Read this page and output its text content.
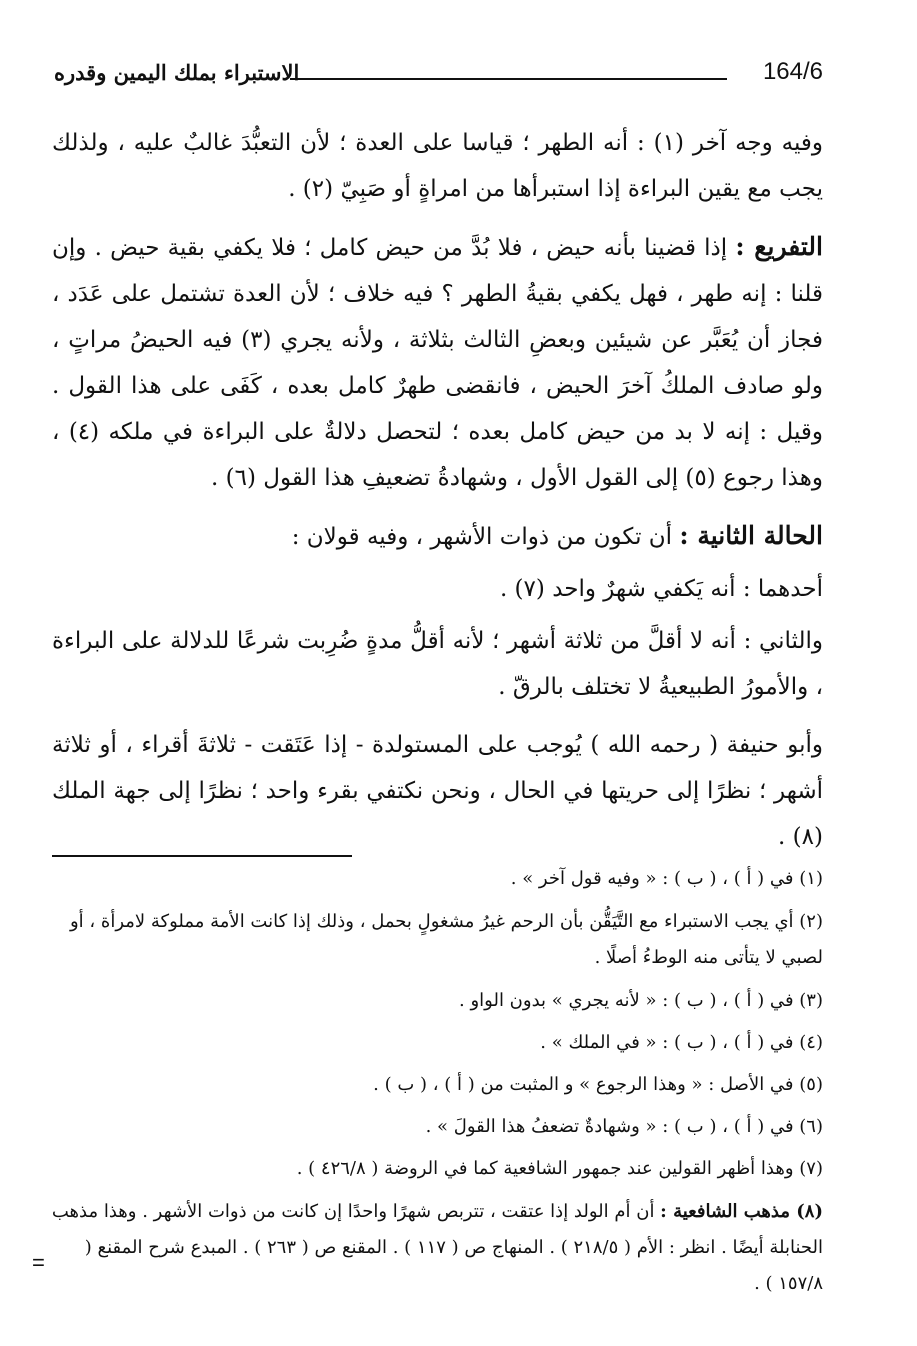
الاستبراء بملك اليمين وقدره	164/6

وفيه وجه آخر (١) : أنه الطهر ؛ قياسا على العدة ؛ لأن التعبُّدَ غالبٌ عليه ، ولذلك يجب مع يقين البراءة إذا استبرأها من امراةٍ أو صَبِيّ (٢) .

التفريع : إذا قضينا بأنه حيض ، فلا بُدَّ من حيض كامل ؛ فلا يكفي بقية حيض . وإن قلنا : إنه طهر ، فهل يكفي بقيةُ الطهر ؟ فيه خلاف ؛ لأن العدة تشتمل على عَدَد ، فجاز أن يُعَبَّر عن شيئين وبعضِ الثالث بثلاثة ، ولأنه يجري (٣) فيه الحيضُ مراتٍ ، ولو صادف الملكُ آخرَ الحيض ، فانقضى طهرٌ كامل بعده ، كَفَى على هذا القول . وقيل : إنه لا بد من حيض كامل بعده ؛ لتحصل دلالةٌ على البراءة في ملكه (٤) ، وهذا رجوع (٥) إلى القول الأول ، وشهادةُ تضعيفِ هذا القول (٦) .

الحالة الثانية : أن تكون من ذوات الأشهر ، وفيه قولان :

أحدهما : أنه يَكفي شهرٌ واحد (٧) .

والثاني : أنه لا أقلَّ من ثلاثة أشهر ؛ لأنه أقلُّ مدةٍ ضُرِبت شرعًا للدلالة على البراءة ، والأمورُ الطبيعيةُ لا تختلف بالرقّ .

وأبو حنيفة ( رحمه الله ) يُوجب على المستولدة - إذا عَتَقت - ثلاثةَ أقراء ، أو ثلاثة أشهر ؛ نظرًا إلى حريتها في الحال ، ونحن نكتفي بقرء واحد ؛ نظرًا إلى جهة الملك (٨) .

(١) في ( أ ) ، ( ب ) : « وفيه قول آخر » .

(٢) أي يجب الاستبراء مع التَّيَقُّن بأن الرحم غيرُ مشغولٍ بحمل ، وذلك إذا كانت الأمة مملوكة لامرأة ، أو لصبي لا يتأتى منه الوطءُ أصلًا .

(٣) في ( أ ) ، ( ب ) : « لأنه يجري » بدون الواو .

(٤) في ( أ ) ، ( ب ) : « في الملك » .

(٥) في الأصل : « وهذا الرجوع » و المثبت من ( أ ) ، ( ب ) .

(٦) في ( أ ) ، ( ب ) : « وشهادةٌ تضعفُ هذا القولَ » .

(٧) وهذا أظهر القولين عند جمهور الشافعية كما في الروضة ( ٤٢٦/٨ ) .

(٨) مذهب الشافعية : أن أم الولد إذا عتقت ، تتربص شهرًا واحدًا إن كانت من ذوات الأشهر . وهذا مذهب الحنابلة أيضًا . انظر : الأم ( ٢١٨/٥ ) . المنهاج ص ( ١١٧ ) . المقنع ص ( ٢٦٣ ) . المبدع شرح المقنع ( ١٥٧/٨ ) .

=
